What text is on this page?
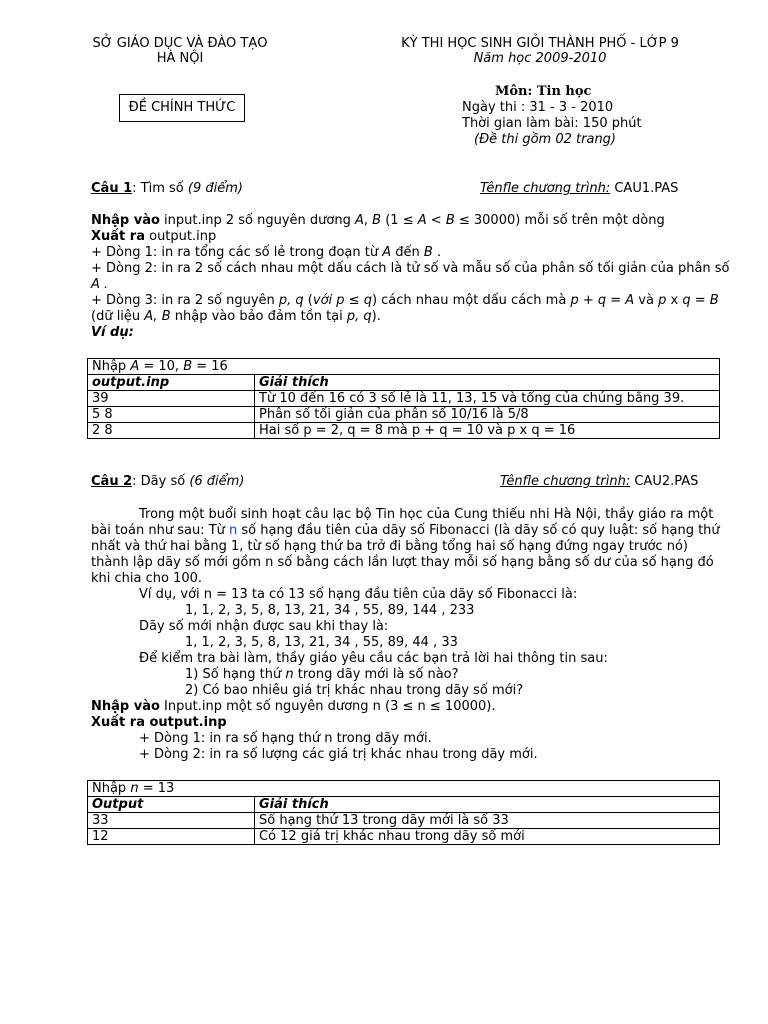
SỞ GIÁO DỤC VÀ ĐÀO TẠO
HÀ NỘI
KỲ THI HỌC SINH GIỎI THÀNH PHỐ - LỚP 9
Năm học 2009-2010
ĐỀ CHÍNH THỨC
Môn: Tin học
Ngày thi : 31 - 3 - 2010
Thời gian làm bài: 150 phút
(Đề thi gồm 02 trang)
Câu 1: Tìm số (9 điểm)	Tênfle chương trình: CAU1.PAS
Nhập vào input.inp 2 số nguyên dương A, B (1 ≤ A < B ≤ 30000) mỗi số trên một dòng
Xuất ra output.inp
+ Dòng 1: in ra tổng các số lẻ trong đoạn từ A đến B .
+ Dòng 2: in ra 2 số cách nhau một dấu cách là tử số và mẫu số của phân số tối giản của phân số
A .
+ Dòng 3: in ra 2 số nguyên p, q (với p ≤ q) cách nhau một dấu cách mà p + q = A và p x q = B
(dữ liệu A, B nhập vào bảo đảm tồn tại p, q).
Ví dụ:
Nhập A = 10, B = 16	
output.inp	Giải thích
39	Từ 10 đến 16 có 3 số lẻ là 11, 13, 15 và tổng của chúng bằng 39.
5 8	Phân số tối giản của phân số 10/16 là 5/8
2 8	Hai số p = 2, q = 8 mà p + q = 10 và p x q = 16
Câu 2: Dãy số (6 điểm)	Tênfle chương trình: CAU2.PAS
Trong một buổi sinh hoạt câu lạc bộ Tin học của Cung thiếu nhi Hà Nội, thầy giáo ra một
bài toán như sau: Từ n số hạng đầu tiên của dãy số Fibonacci (là dãy số có quy luật: số hạng thứ
nhất và thứ hai bằng 1, từ số hạng thứ ba trở đi bằng tổng hai số hạng đứng ngay trước nó)
thành lập dãy số mới gồm n số bằng cách lần lượt thay mỗi số hạng bằng số dư của số hạng đó
khi chia cho 100.
Ví dụ, với n = 13 ta có 13 số hạng đầu tiên của dãy số Fibonacci là:
1, 1, 2, 3, 5, 8, 13, 21, 34 , 55, 89, 144 , 233
Dãy số mới nhận được sau khi thay là:
1, 1, 2, 3, 5, 8, 13, 21, 34 , 55, 89, 44 , 33
Để kiểm tra bài làm, thầy giáo yêu cầu các bạn trả lời hai thông tin sau:
1) Số hạng thứ n trong dãy mới là số nào?
2) Có bao nhiêu giá trị khác nhau trong dãy số mới?
Nhập vào Input.inp một số nguyên dương n (3 ≤ n ≤ 10000).
Xuất ra output.inp
+ Dòng 1: in ra số hạng thứ n trong dãy mới.
+ Dòng 2: in ra số lượng các giá trị khác nhau trong dãy mới.
Nhập n = 13	
Output	Giải thích
33	Số hạng thứ 13 trong dãy mới là số 33
12	Có 12 giá trị khác nhau trong dãy số mới
